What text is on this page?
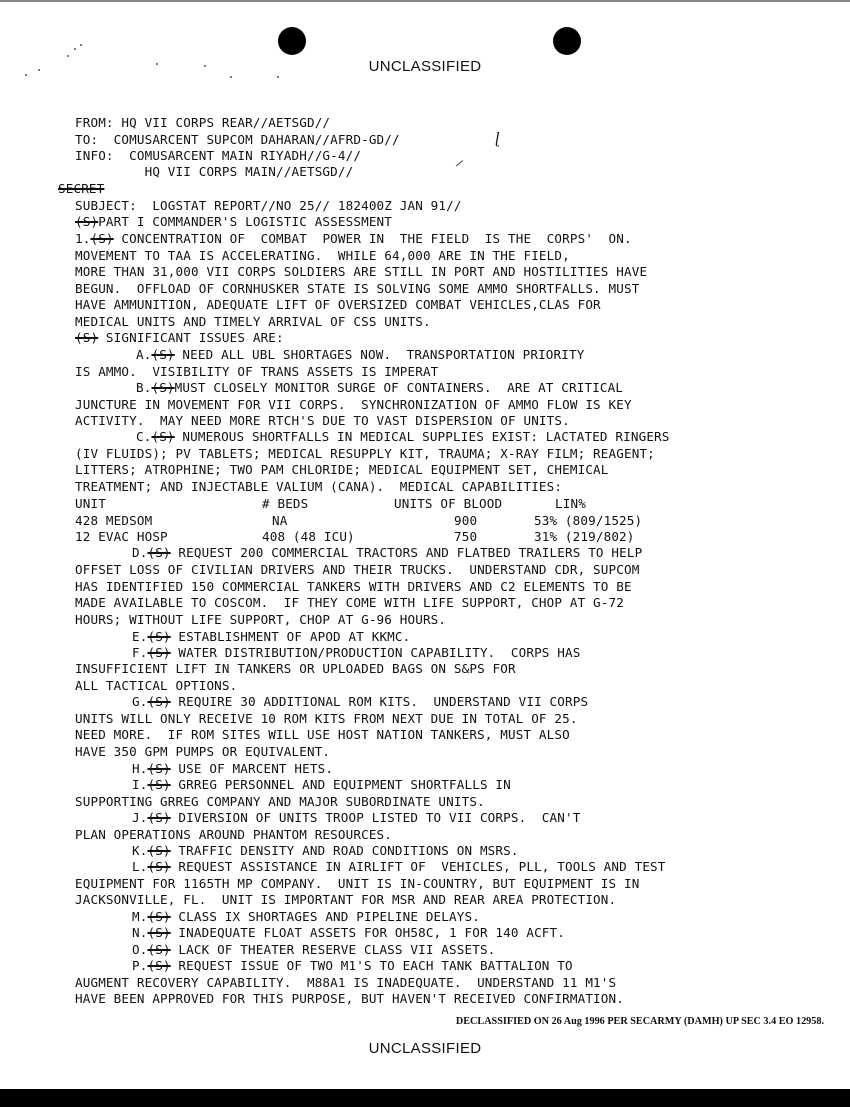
UNCLASSIFIED
FROM: HQ VII CORPS REAR//AETSGD//
TO:  COMUSARCENT SUPCOM DAHARAN//AFRD-GD//	ɭ
INFO:  COMUSARCENT MAIN RIYADH//G-4//	⸝
HQ VII CORPS MAIN//AETSGD//
SECRET
SUBJECT:  LOGSTAT REPORT//NO 25// 182400Z JAN 91//
(S)PART I COMMANDER'S LOGISTIC ASSESSMENT
1.(S) CONCENTRATION OF  COMBAT  POWER IN  THE FIELD  IS THE  CORPS'  ON.
MOVEMENT TO TAA IS ACCELERATING.  WHILE 64,000 ARE IN THE FIELD,
MORE THAN 31,000 VII CORPS SOLDIERS ARE STILL IN PORT AND HOSTILITIES HAVE
BEGUN.  OFFLOAD OF CORNHUSKER STATE IS SOLVING SOME AMMO SHORTFALLS. MUST
HAVE AMMUNITION, ADEQUATE LIFT OF OVERSIZED COMBAT VEHICLES,CLAS FOR
MEDICAL UNITS AND TIMELY ARRIVAL OF CSS UNITS.
(S) SIGNIFICANT ISSUES ARE:
A.(S) NEED ALL UBL SHORTAGES NOW.  TRANSPORTATION PRIORITY
IS AMMO.  VISIBILITY OF TRANS ASSETS IS IMPERAT
B.(S)MUST CLOSELY MONITOR SURGE OF CONTAINERS.  ARE AT CRITICAL
JUNCTURE IN MOVEMENT FOR VII CORPS.  SYNCHRONIZATION OF AMMO FLOW IS KEY
ACTIVITY.  MAY NEED MORE RTCH'S DUE TO VAST DISPERSION OF UNITS.
C.(S) NUMEROUS SHORTFALLS IN MEDICAL SUPPLIES EXIST: LACTATED RINGERS
(IV FLUIDS); PV TABLETS; MEDICAL RESUPPLY KIT, TRAUMA; X-RAY FILM; REAGENT;
LITTERS; ATROPHINE; TWO PAM CHLORIDE; MEDICAL EQUIPMENT SET, CHEMICAL
TREATMENT; AND INJECTABLE VALIUM (CANA).  MEDICAL CAPABILITIES:
UNIT	# BEDS	UNITS OF BLOOD	LIN%
428 MEDSOM	NA	900	53% (809/1525)
12 EVAC HOSP	408 (48 ICU)	750	31% (219/802)
D.(S) REQUEST 200 COMMERCIAL TRACTORS AND FLATBED TRAILERS TO HELP
OFFSET LOSS OF CIVILIAN DRIVERS AND THEIR TRUCKS.  UNDERSTAND CDR, SUPCOM
HAS IDENTIFIED 150 COMMERCIAL TANKERS WITH DRIVERS AND C2 ELEMENTS TO BE
MADE AVAILABLE TO COSCOM.  IF THEY COME WITH LIFE SUPPORT, CHOP AT G-72
HOURS; WITHOUT LIFE SUPPORT, CHOP AT G-96 HOURS.
E.(S) ESTABLISHMENT OF APOD AT KKMC.
F.(S) WATER DISTRIBUTION/PRODUCTION CAPABILITY.  CORPS HAS
INSUFFICIENT LIFT IN TANKERS OR UPLOADED BAGS ON S&PS FOR
ALL TACTICAL OPTIONS.
G.(S) REQUIRE 30 ADDITIONAL ROM KITS.  UNDERSTAND VII CORPS
UNITS WILL ONLY RECEIVE 10 ROM KITS FROM NEXT DUE IN TOTAL OF 25.
NEED MORE.  IF ROM SITES WILL USE HOST NATION TANKERS, MUST ALSO
HAVE 350 GPM PUMPS OR EQUIVALENT.
H.(S) USE OF MARCENT HETS.
I.(S) GRREG PERSONNEL AND EQUIPMENT SHORTFALLS IN
SUPPORTING GRREG COMPANY AND MAJOR SUBORDINATE UNITS.
J.(S) DIVERSION OF UNITS TROOP LISTED TO VII CORPS.  CAN'T
PLAN OPERATIONS AROUND PHANTOM RESOURCES.
K.(S) TRAFFIC DENSITY AND ROAD CONDITIONS ON MSRS.
L.(S) REQUEST ASSISTANCE IN AIRLIFT OF  VEHICLES, PLL, TOOLS AND TEST
EQUIPMENT FOR 1165TH MP COMPANY.  UNIT IS IN-COUNTRY, BUT EQUIPMENT IS IN
JACKSONVILLE, FL.  UNIT IS IMPORTANT FOR MSR AND REAR AREA PROTECTION.
M.(S) CLASS IX SHORTAGES AND PIPELINE DELAYS.
N.(S) INADEQUATE FLOAT ASSETS FOR OH58C, 1 FOR 140 ACFT.
O.(S) LACK OF THEATER RESERVE CLASS VII ASSETS.
P.(S) REQUEST ISSUE OF TWO M1'S TO EACH TANK BATTALION TO
AUGMENT RECOVERY CAPABILITY.  M88A1 IS INADEQUATE.  UNDERSTAND 11 M1'S
HAVE BEEN APPROVED FOR THIS PURPOSE, BUT HAVEN'T RECEIVED CONFIRMATION.
DECLASSIFIED ON 26 Aug 1996 PER SECARMY (DAMH) UP SEC 3.4 EO 12958.
UNCLASSIFIED
